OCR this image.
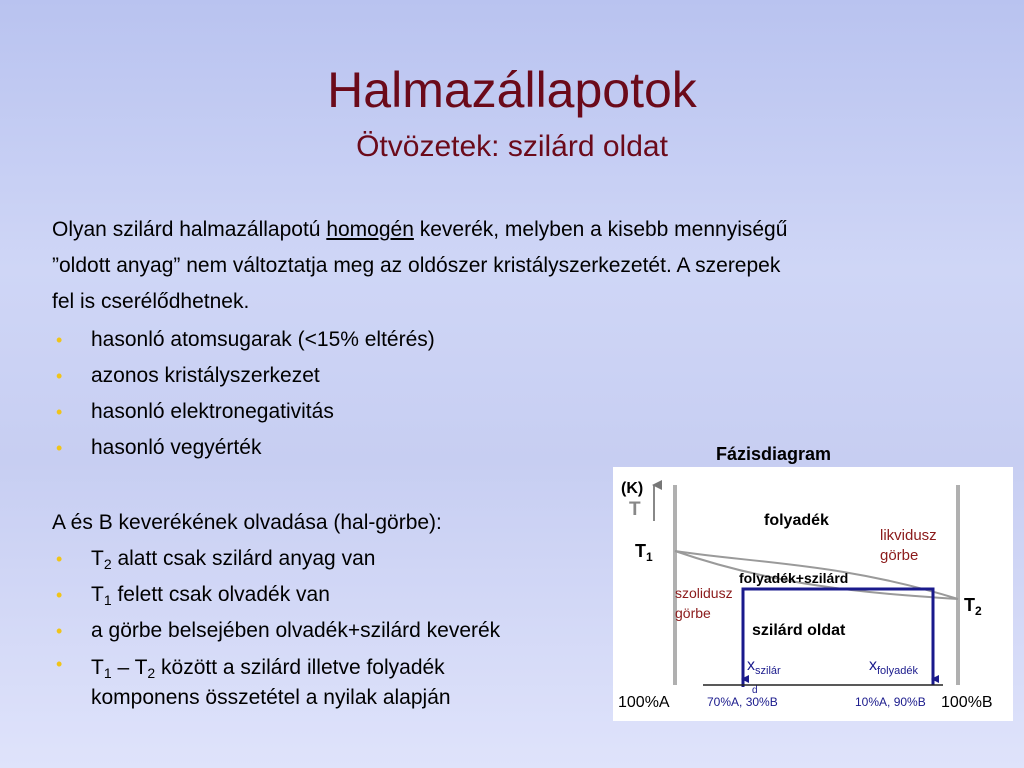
Halmazállapotok
Ötvözetek: szilárd oldat
Olyan szilárd halmazállapotú homogén keverék, melyben a kisebb mennyiségű
”oldott anyag” nem változtatja meg az oldószer kristályszerkezetét. A szerepek
fel is cserélődhetnek.
• hasonló atomsugarak (<15% eltérés)
• azonos kristályszerkezet
• hasonló elektronegativitás
• hasonló vegyérték
A és B keverékének olvadása (hal-görbe):
• $T_2$ alatt csak szilárd anyag van
• $T_1$ felett csak olvadék van
• a görbe belsejében olvadék+szilárd keverék
• $T_1 - T_2$ között a szilárd illetve folyadék
komponens összetétel a nyilak alapján
Fázisdiagram
(K)
T
$T_1$
$T_2$
folyadék
likvidusz
görbe
folyadék+szilárd
szolidusz
görbe
szilárd oldat
$x_{szilár}$	$x_{folyadék}$
d
100%A	70%A, 30%B	10%A, 90%B 100%B
